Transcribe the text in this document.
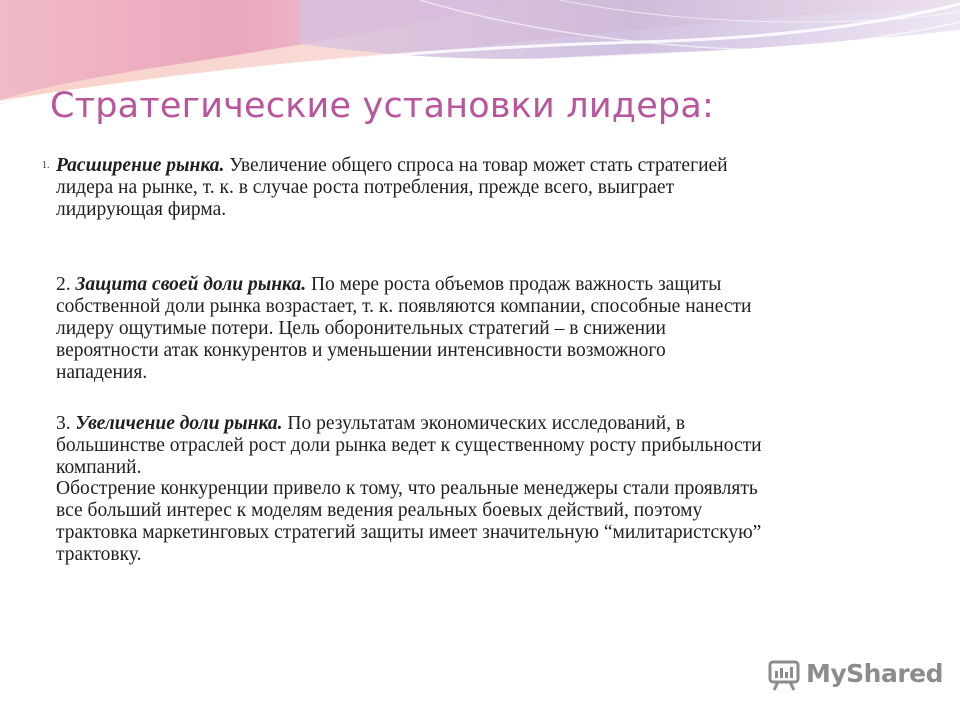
Стратегические установки лидера:
1. Расширение рынка. Увеличение общего спроса на товар может стать стратегией
лидера на рынке, т. к. в случае роста потребления, прежде всего, выиграет
лидирующая фирма.
2. Защита своей доли рынка. По мере роста объемов продаж важность защиты
собственной доли рынка возрастает, т. к. появляются компании, способные нанести
лидеру ощутимые потери. Цель оборонительных стратегий – в снижении
вероятности атак конкурентов и уменьшении интенсивности возможного
нападения.
3. Увеличение доли рынка. По результатам экономических исследований, в
большинстве отраслей рост доли рынка ведет к существенному росту прибыльности
компаний.
Обострение конкуренции привело к тому, что реальные менеджеры стали проявлять
все больший интерес к моделям ведения реальных боевых действий, поэтому
трактовка маркетинговых стратегий защиты имеет значительную “милитаристскую”
трактовку.
MyShared
